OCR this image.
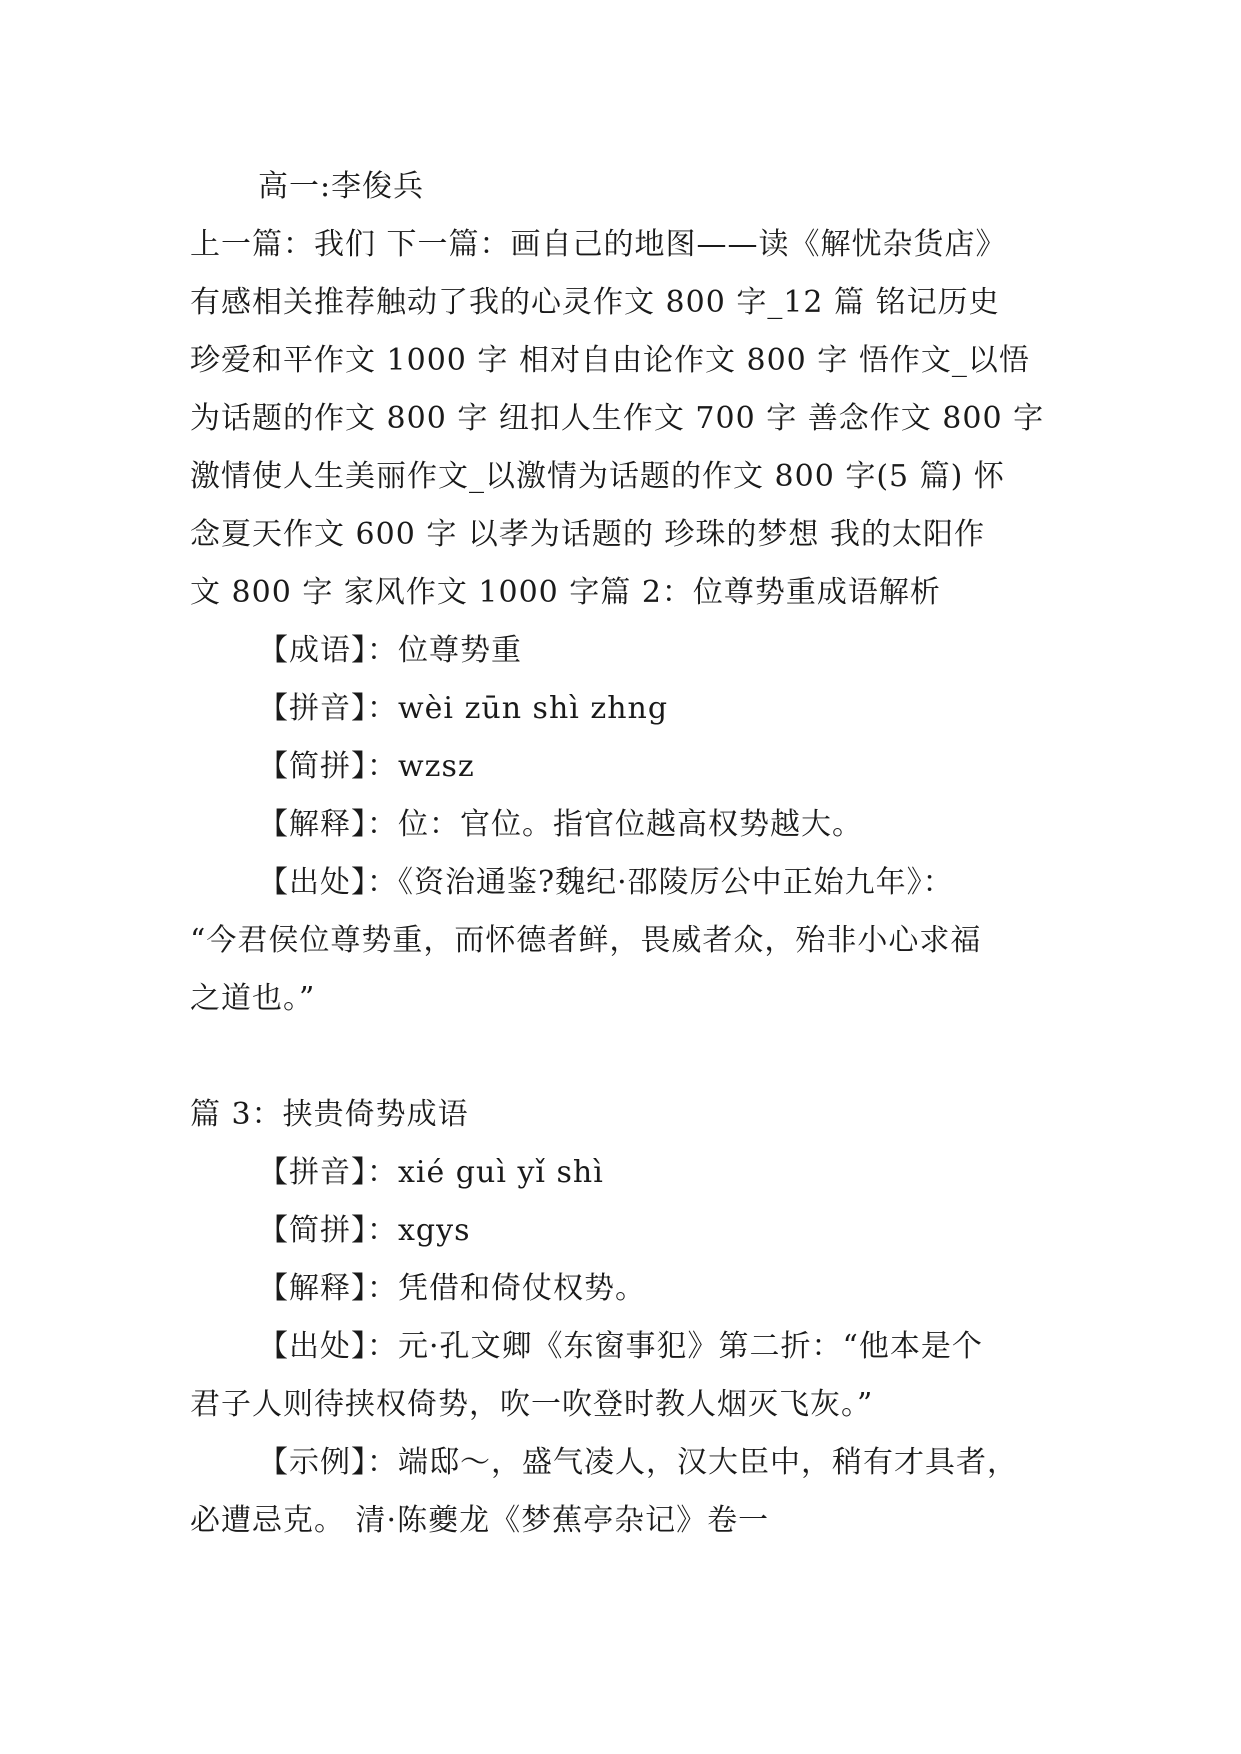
高一:李俊兵
上一篇：我们 下一篇：画自己的地图——读《解忧杂货店》
有感相关推荐触动了我的心灵作文 800 字_12 篇 铭记历史
珍爱和平作文 1000 字 相对自由论作文 800 字 悟作文_以悟
为话题的作文 800 字 纽扣人生作文 700 字 善念作文 800 字
激情使人生美丽作文_以激情为话题的作文 800 字(5 篇) 怀
念夏天作文 600 字 以孝为话题的 珍珠的梦想 我的太阳作
文 800 字 家风作文 1000 字篇 2：位尊势重成语解析
【成语】：位尊势重
【拼音】：wèi zūn shì zhng
【简拼】：wzsz
【解释】：位：官位。指官位越高权势越大。
【出处】：《资治通鉴?魏纪·邵陵厉公中正始九年》：
“今君侯位尊势重，而怀德者鲜，畏威者众，殆非小心求福
之道也。”
篇 3：挟贵倚势成语
【拼音】：xié guì yǐ shì
【简拼】：xgys
【解释】：凭借和倚仗权势。
【出处】：元·孔文卿《东窗事犯》第二折：“他本是个
君子人则待挟权倚势，吹一吹登时教人烟灭飞灰。”
【示例】：端邸～，盛气凌人，汉大臣中，稍有才具者，
必遭忌克。 清·陈夔龙《梦蕉亭杂记》卷一
